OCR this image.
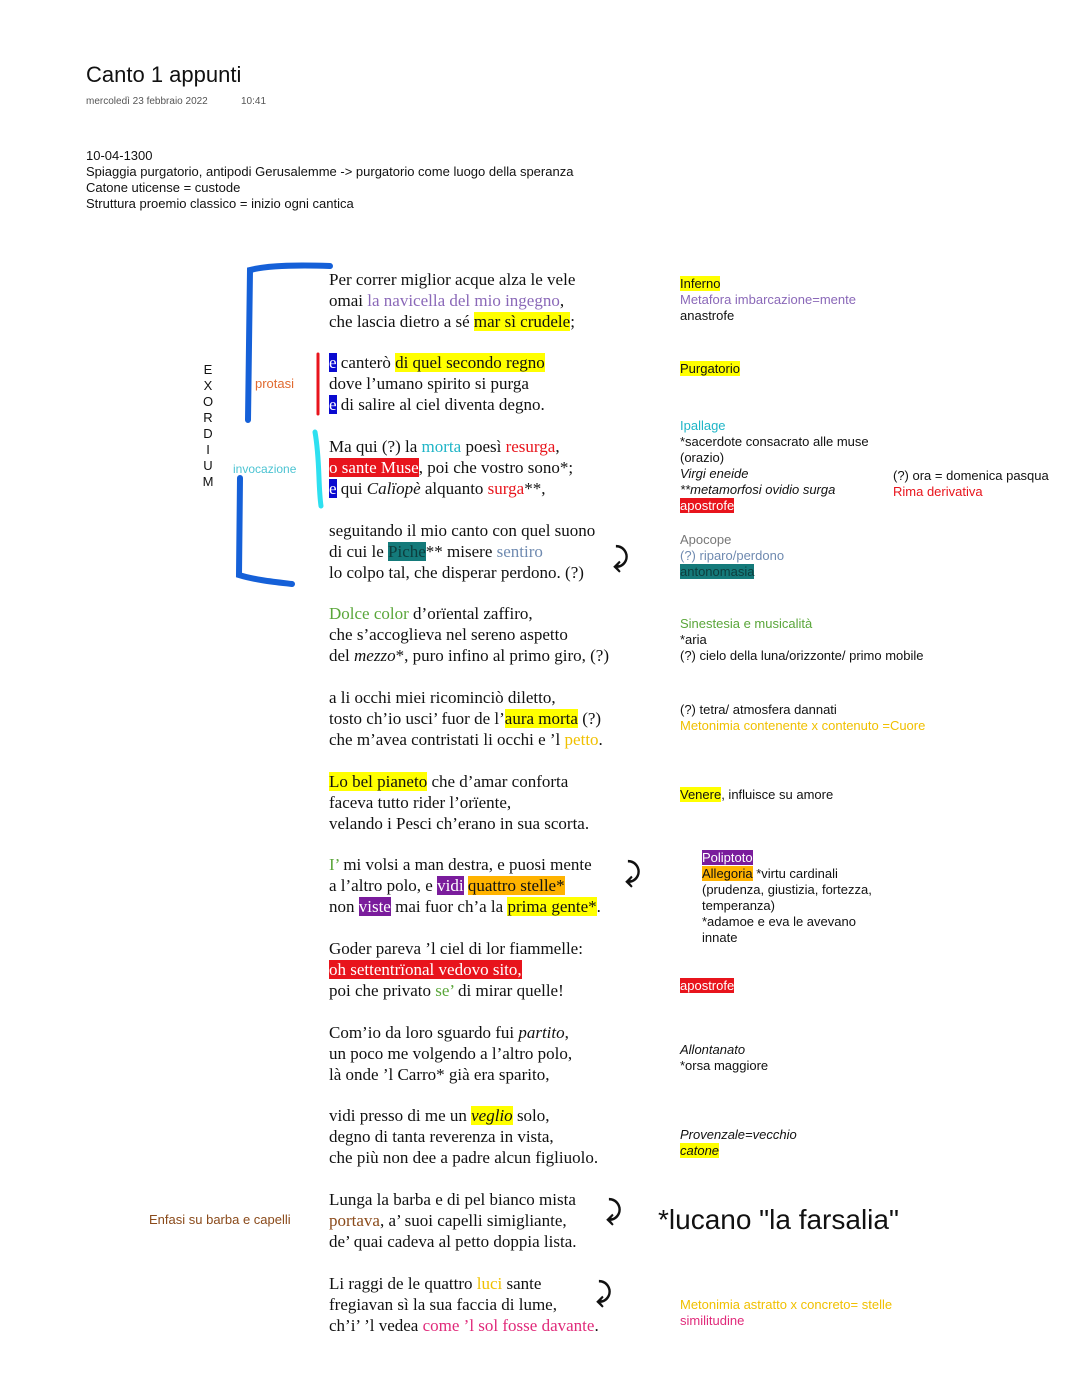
Canto 1 appunti
mercoledì 23 febbraio 2022	10:41
10-04-1300
Spiaggia purgatorio, antipodi Gerusalemme -> purgatorio come luogo della speranza
Catone uticense = custode
Struttura proemio classico = inizio ogni cantica
E
X
O
R
D
I
U
M
protasi
invocazione
Enfasi su barba e capelli
Per correr miglior acque alza le vele
omai la navicella del mio ingegno,
che lascia dietro a sé mar sì crudele;
e canterò di quel secondo regno
dove l’umano spirito si purga
e di salire al ciel diventa degno.
Ma qui (?) la morta poesì resurga,
o sante Muse, poi che vostro sono*;
e qui Calïopè alquanto surga**,
seguitando il mio canto con quel suono
di cui le Piche** misere sentiro
lo colpo tal, che disperar perdono. (?)
Dolce color d’orïental zaffiro,
che s’accoglieva nel sereno aspetto
del mezzo*, puro infino al primo giro, (?)
a li occhi miei ricominciò diletto,
tosto ch’io usci’ fuor de l’aura morta (?)
che m’avea contristati li occhi e ’l petto.
Lo bel pianeto che d’amar conforta
faceva tutto rider l’orïente,
velando i Pesci ch’erano in sua scorta.
I’ mi volsi a man destra, e puosi mente
a l’altro polo, e vidi quattro stelle*
non viste mai fuor ch’a la prima gente*.
Goder pareva ’l ciel di lor fiammelle:
oh settentrïonal vedovo sito,
poi che privato se’ di mirar quelle!
Com’io da loro sguardo fui partito,
un poco me volgendo a l’altro polo,
là onde ’l Carro* già era sparito,
vidi presso di me un veglio solo,
degno di tanta reverenza in vista,
che più non dee a padre alcun figliuolo.
Lunga la barba e di pel bianco mista
portava, a’ suoi capelli simigliante,
de’ quai cadeva al petto doppia lista.
Li raggi de le quattro luci sante
fregiavan sì la sua faccia di lume,
ch’i’ ’l vedea come ’l sol fosse davante.
⤸
⤸
⤸
⤸
Inferno
Metafora imbarcazione=mente
anastrofe
Purgatorio
Ipallage
*sacerdote consacrato alle muse
(orazio)
Virgi eneide
**metamorfosi ovidio surga
apostrofe
(?) ora = domenica pasqua
Rima derivativa
Apocope
(?) riparo/perdono
antonomasia
Sinestesia e musicalità
*aria
(?) cielo della luna/orizzonte/ primo mobile
(?) tetra/ atmosfera dannati
Metonimia contenente x contenuto =Cuore
Venere, influisce su amore
Poliptoto
Allegoria *virtu cardinali
(prudenza, giustizia, fortezza,
temperanza)
*adamoe e eva le avevano
innate
apostrofe
Allontanato
*orsa maggiore
Provenzale=vecchio
catone
*lucano "la farsalia"
Metonimia astratto x concreto= stelle
similitudine
